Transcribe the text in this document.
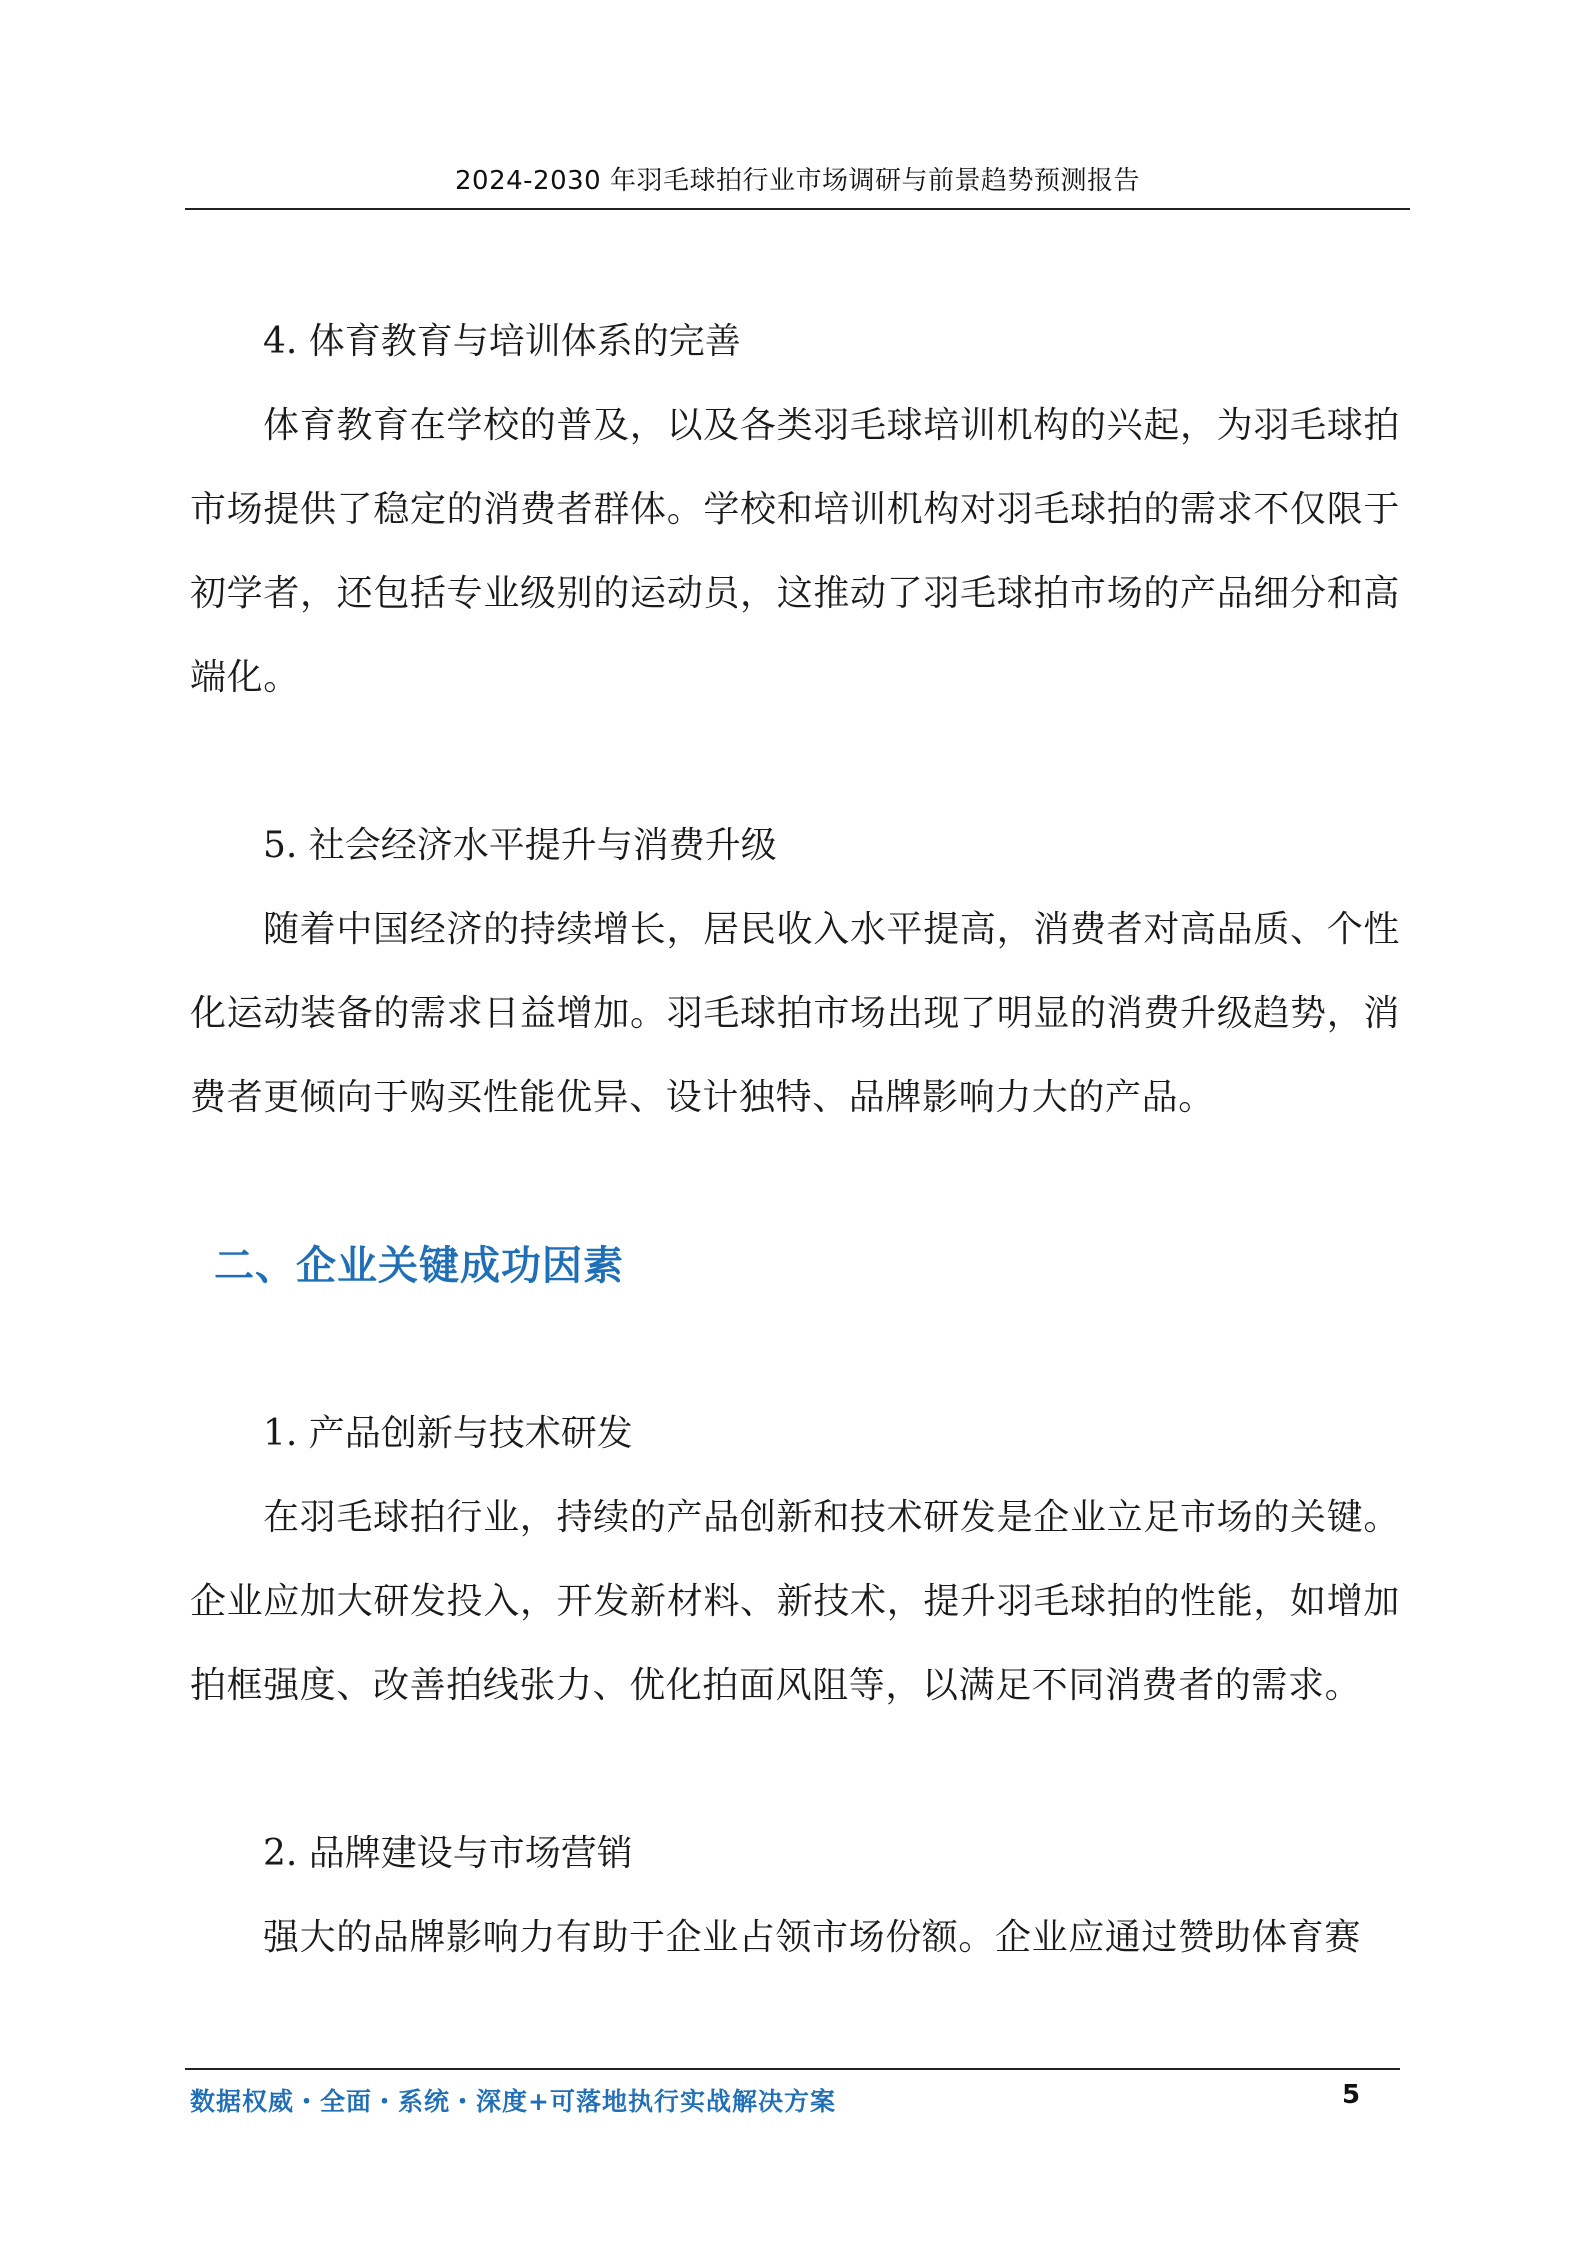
2024-2030 年羽毛球拍行业市场调研与前景趋势预测报告

4. 体育教育与培训体系的完善

体育教育在学校的普及，以及各类羽毛球培训机构的兴起，为羽毛球拍市场提供了稳定的消费者群体。学校和培训机构对羽毛球拍的需求不仅限于初学者，还包括专业级别的运动员，这推动了羽毛球拍市场的产品细分和高端化。

5. 社会经济水平提升与消费升级

随着中国经济的持续增长，居民收入水平提高，消费者对高品质、个性化运动装备的需求日益增加。羽毛球拍市场出现了明显的消费升级趋势，消费者更倾向于购买性能优异、设计独特、品牌影响力大的产品。

二、企业关键成功因素

1. 产品创新与技术研发

在羽毛球拍行业，持续的产品创新和技术研发是企业立足市场的关键。企业应加大研发投入，开发新材料、新技术，提升羽毛球拍的性能，如增加拍框强度、改善拍线张力、优化拍面风阻等，以满足不同消费者的需求。

2. 品牌建设与市场营销

强大的品牌影响力有助于企业占领市场份额。企业应通过赞助体育赛

数据权威・全面・系统・深度+可落地执行实战解决方案	5
